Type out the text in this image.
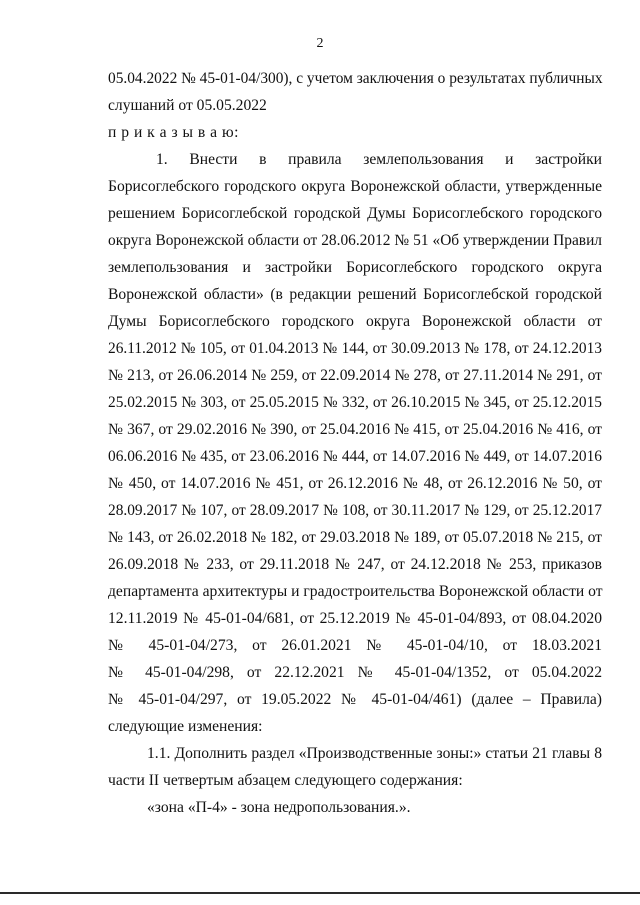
2
05.04.2022 № 45-01-04/300), с учетом заключения о результатах публичных
слушаний от 05.05.2022
п р и к а з ы в а ю:
1. Внести в правила землепользования и застройки
Борисоглебского городского округа Воронежской области, утвержденные
решением Борисоглебской городской Думы Борисоглебского городского
округа Воронежской области от 28.06.2012 № 51 «Об утверждении Правил
землепользования и застройки Борисоглебского городского округа
Воронежской области» (в редакции решений Борисоглебской городской
Думы Борисоглебского городского округа Воронежской области от
26.11.2012 № 105, от 01.04.2013 № 144, от 30.09.2013 № 178, от 24.12.2013
№ 213, от 26.06.2014 № 259, от 22.09.2014 № 278, от 27.11.2014 № 291, от
25.02.2015 № 303, от 25.05.2015 № 332, от 26.10.2015 № 345, от 25.12.2015
№ 367, от 29.02.2016 № 390, от 25.04.2016 № 415, от 25.04.2016 № 416, от
06.06.2016 № 435, от 23.06.2016 № 444, от 14.07.2016 № 449, от 14.07.2016
№ 450, от 14.07.2016 № 451, от 26.12.2016 № 48, от 26.12.2016 № 50, от
28.09.2017 № 107, от 28.09.2017 № 108, от 30.11.2017 № 129, от 25.12.2017
№ 143, от 26.02.2018 № 182, от 29.03.2018 № 189, от 05.07.2018 № 215, от
26.09.2018 № 233, от 29.11.2018 № 247, от 24.12.2018 № 253, приказов
департамента архитектуры и градостроительства Воронежской области от
12.11.2019 № 45-01-04/681, от 25.12.2019 № 45-01-04/893, от 08.04.2020
№ 45-01-04/273, от 26.01.2021 № 45-01-04/10, от 18.03.2021
№ 45-01-04/298, от 22.12.2021 № 45-01-04/1352, от 05.04.2022
№ 45-01-04/297, от 19.05.2022 № 45-01-04/461) (далее – Правила)
следующие изменения:
1.1. Дополнить раздел «Производственные зоны:» статьи 21 главы 8
части II четвертым абзацем следующего содержания:
«зона «П-4» - зона недропользования.».
